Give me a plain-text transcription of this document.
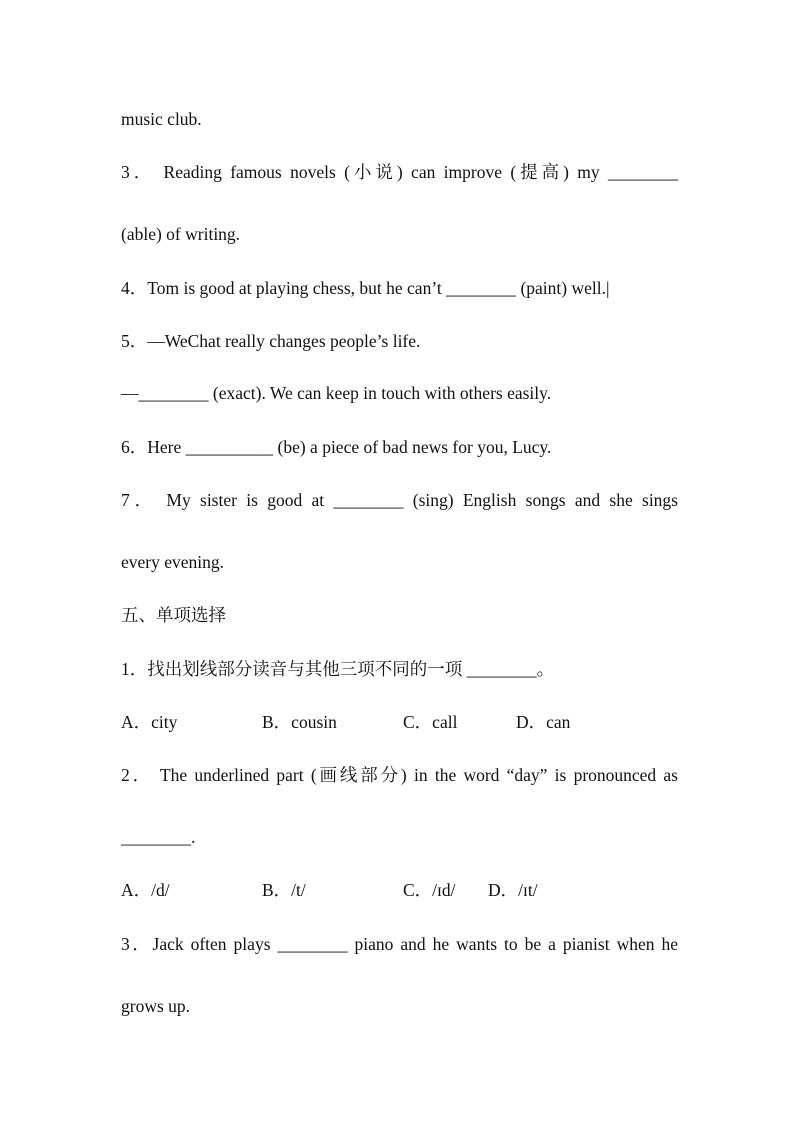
music club.
3． Reading famous novels (小说) can improve (提高) my ________
(able) of writing.
4．Tom is good at playing chess, but he can’t ________ (paint) well.|
5．—WeChat really changes people’s life.
—________ (exact). We can keep in touch with others easily.
6．Here __________ (be) a piece of bad news for you, Lucy.
7． My sister is good at ________ (sing) English songs and she sings
every evening.
五、单项选择
1．找出划线部分读音与其他三项不同的一项 ________。
A．city	B．cousin	C．call	D．can
2． The underlined part (画线部分) in the word “day” is pronounced as
________.
A．/d/	B．/t/	C．/ɪd/ D．/ɪt/
3．Jack often plays ________ piano and he wants to be a pianist when he
grows up.
